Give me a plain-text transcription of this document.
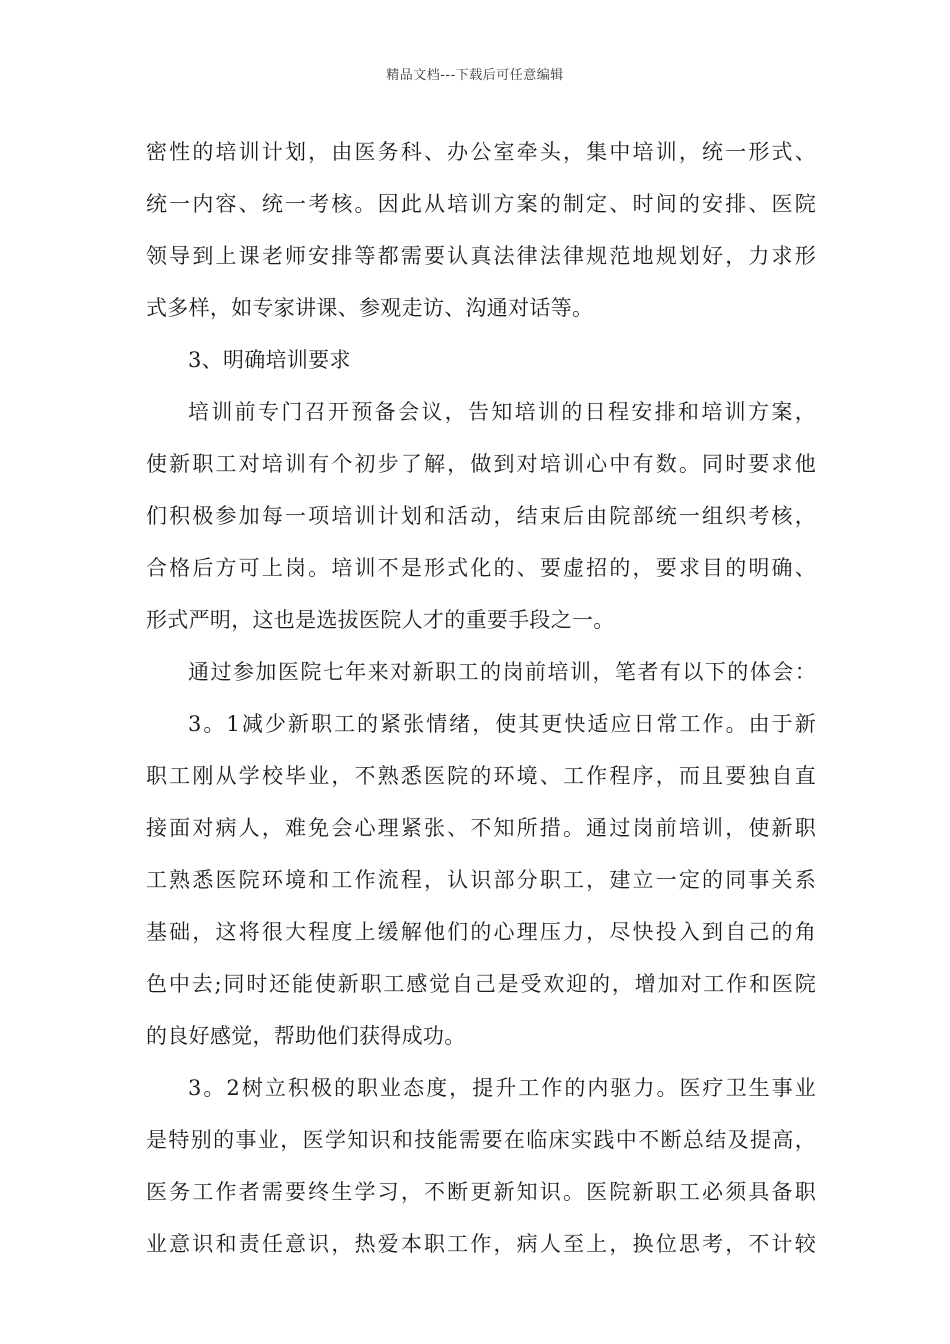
精品文档---下载后可任意编辑
密性的培训计划，由医务科、办公室牵头，集中培训，统一形式、
统一内容、统一考核。因此从培训方案的制定、时间的安排、医院
领导到上课老师安排等都需要认真法律法律规范地规划好，力求形
式多样，如专家讲课、参观走访、沟通对话等。
3、明确培训要求
培训前专门召开预备会议，告知培训的日程安排和培训方案，
使新职工对培训有个初步了解，做到对培训心中有数。同时要求他
们积极参加每一项培训计划和活动，结束后由院部统一组织考核，
合格后方可上岗。培训不是形式化的、要虚招的，要求目的明确、
形式严明，这也是选拔医院人才的重要手段之一。
通过参加医院七年来对新职工的岗前培训，笔者有以下的体会：
3。1减少新职工的紧张情绪，使其更快适应日常工作。由于新
职工刚从学校毕业，不熟悉医院的环境、工作程序，而且要独自直
接面对病人，难免会心理紧张、不知所措。通过岗前培训，使新职
工熟悉医院环境和工作流程，认识部分职工，建立一定的同事关系
基础，这将很大程度上缓解他们的心理压力，尽快投入到自己的角
色中去;同时还能使新职工感觉自己是受欢迎的，增加对工作和医院
的良好感觉，帮助他们获得成功。
3。2树立积极的职业态度，提升工作的内驱力。医疗卫生事业
是特别的事业，医学知识和技能需要在临床实践中不断总结及提高，
医务工作者需要终生学习，不断更新知识。医院新职工必须具备职
业意识和责任意识，热爱本职工作，病人至上，换位思考，不计较
